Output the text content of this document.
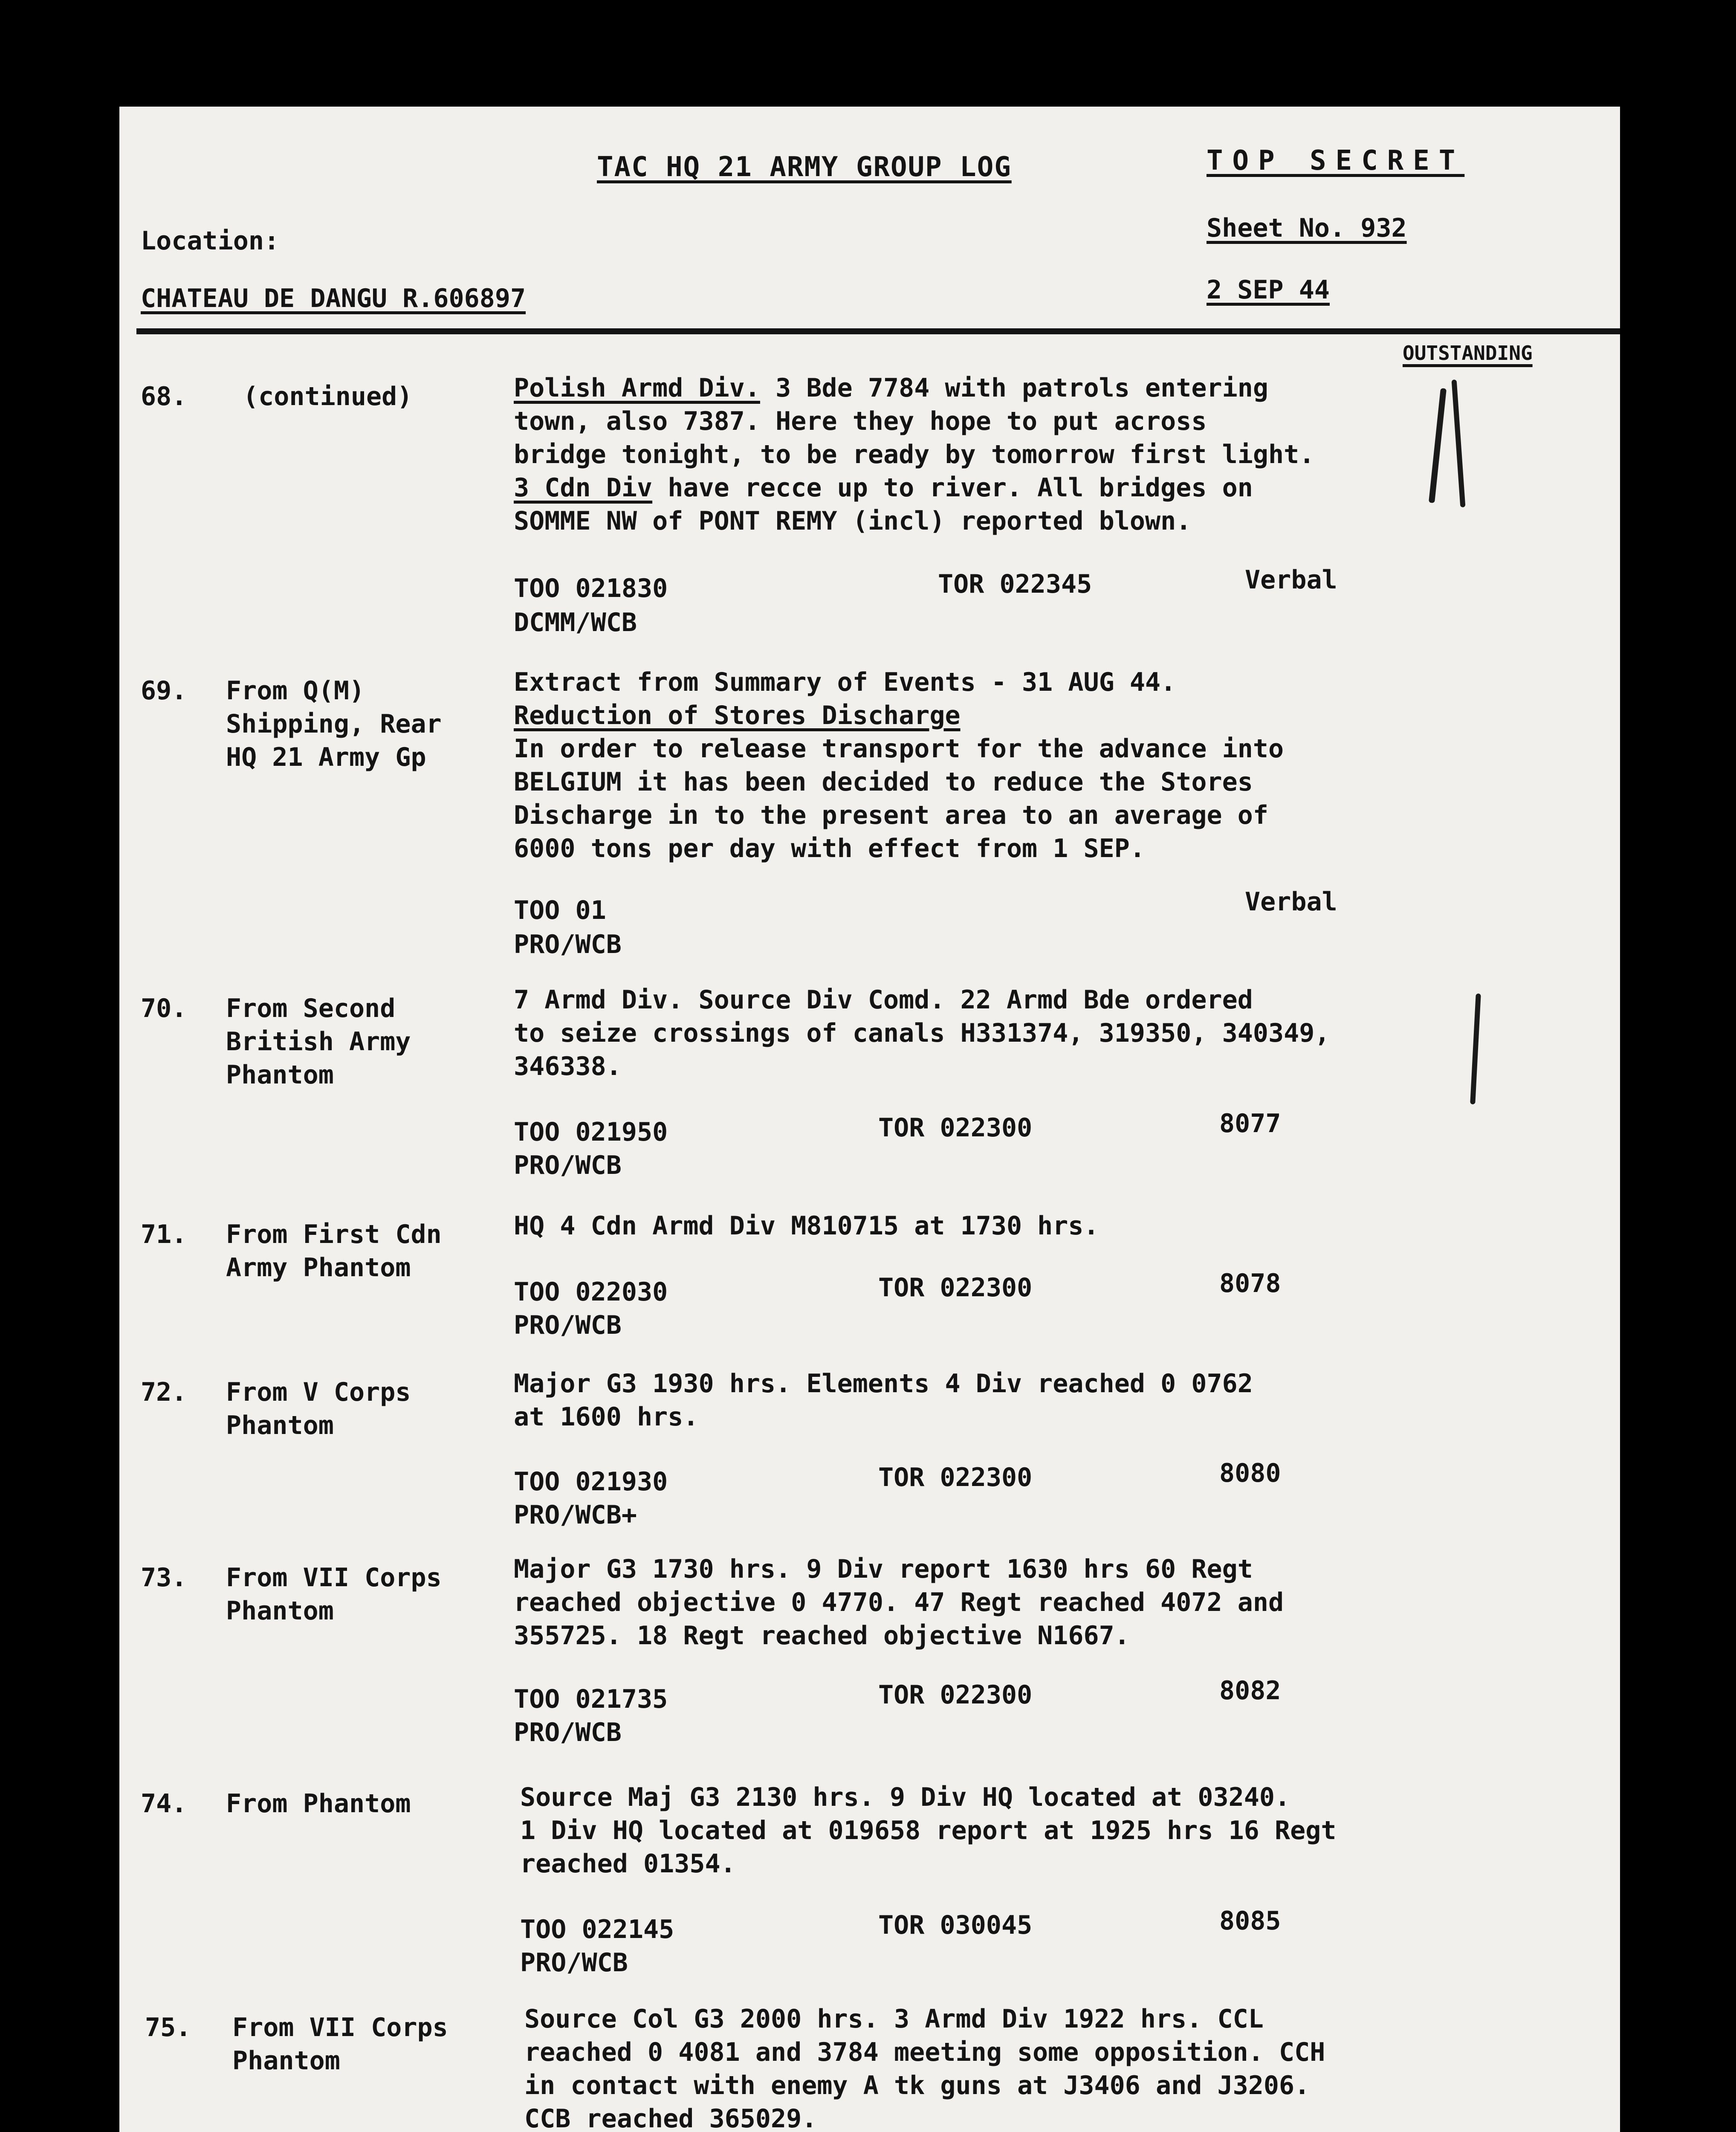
TAC HQ 21 ARMY GROUP LOG	TOP SECRET
Location:	Sheet No. 932
CHATEAU DE DANGU R.606897	2 SEP 44
OUTSTANDING
68. (continued)	Polish Armd Div. 3 Bde 7784 with patrols entering
town, also 7387. Here they hope to put across
bridge tonight, to be ready by tomorrow first light.
3 Cdn Div have recce up to river. All bridges on
SOMME NW of PONT REMY (incl) reported blown.
TOO 021830	TOR 022345	Verbal
DCMM/WCB
69. From Q(M)
Shipping, Rear
HQ 21 Army Gp
Extract from Summary of Events - 31 AUG 44.
Reduction of Stores Discharge
In order to release transport for the advance into
BELGIUM it has been decided to reduce the Stores
Discharge in to the present area to an average of
6000 tons per day with effect from 1 SEP.
TOO 01	Verbal
PRO/WCB
70. From Second
British Army
Phantom
7 Armd Div. Source Div Comd. 22 Armd Bde ordered
to seize crossings of canals H331374, 319350, 340349,
346338.
TOO 021950	TOR 022300	8077
PRO/WCB
71. From First Cdn
Army Phantom
HQ 4 Cdn Armd Div M810715 at 1730 hrs.
TOO 022030	TOR 022300	8078
PRO/WCB
72. From V Corps
Phantom
Major G3 1930 hrs. Elements 4 Div reached 0 0762
at 1600 hrs.
TOO 021930	TOR 022300	8080
PRO/WCB+
73. From VII Corps
Phantom
Major G3 1730 hrs. 9 Div report 1630 hrs 60 Regt
reached objective 0 4770. 47 Regt reached 4072 and
355725. 18 Regt reached objective N1667.
TOO 021735	TOR 022300	8082
PRO/WCB
74. From Phantom	Source Maj G3 2130 hrs. 9 Div HQ located at 03240.
1 Div HQ located at 019658 report at 1925 hrs 16 Regt
reached 01354.
TOO 022145	TOR 030045	8085
PRO/WCB
75. From VII Corps
Phantom
Source Col G3 2000 hrs. 3 Armd Div 1922 hrs. CCL
reached 0 4081 and 3784 meeting some opposition. CCH
in contact with enemy A tk guns at J3406 and J3206.
CCB reached 365029.
